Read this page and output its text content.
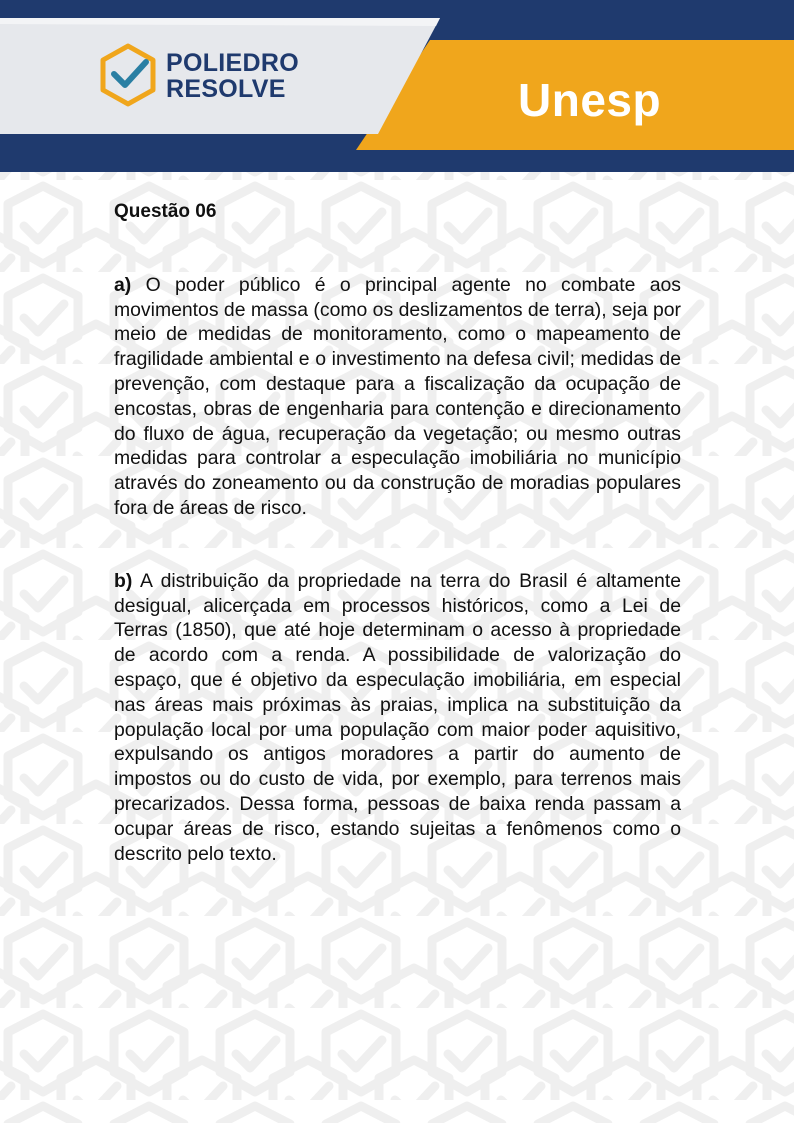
POLIEDRO
RESOLVE	Unesp
Questão 06

a) O poder público é o principal agente no combate aos movimentos de massa (como os deslizamentos de terra), seja por meio de medidas de monitoramento, como o mapeamento de fragilidade ambiental e o investimento na defesa civil; medidas de prevenção, com destaque para a fiscalização da ocupação de encostas, obras de engenharia para contenção e direcionamento do fluxo de água, recuperação da vegetação; ou mesmo outras medidas para controlar a especulação imobiliária no município através do zoneamento ou da construção de moradias populares fora de áreas de risco.

b) A distribuição da propriedade na terra do Brasil é altamente desigual, alicerçada em processos históricos, como a Lei de Terras (1850), que até hoje determinam o acesso à propriedade de acordo com a renda. A possibilidade de valorização do espaço, que é objetivo da especulação imobiliária, em especial nas áreas mais próximas às praias, implica na substituição da população local por uma população com maior poder aquisitivo, expulsando os antigos moradores a partir do aumento de impostos ou do custo de vida, por exemplo, para terrenos mais precarizados. Dessa forma, pessoas de baixa renda passam a ocupar áreas de risco, estando sujeitas a fenômenos como o descrito pelo texto.
